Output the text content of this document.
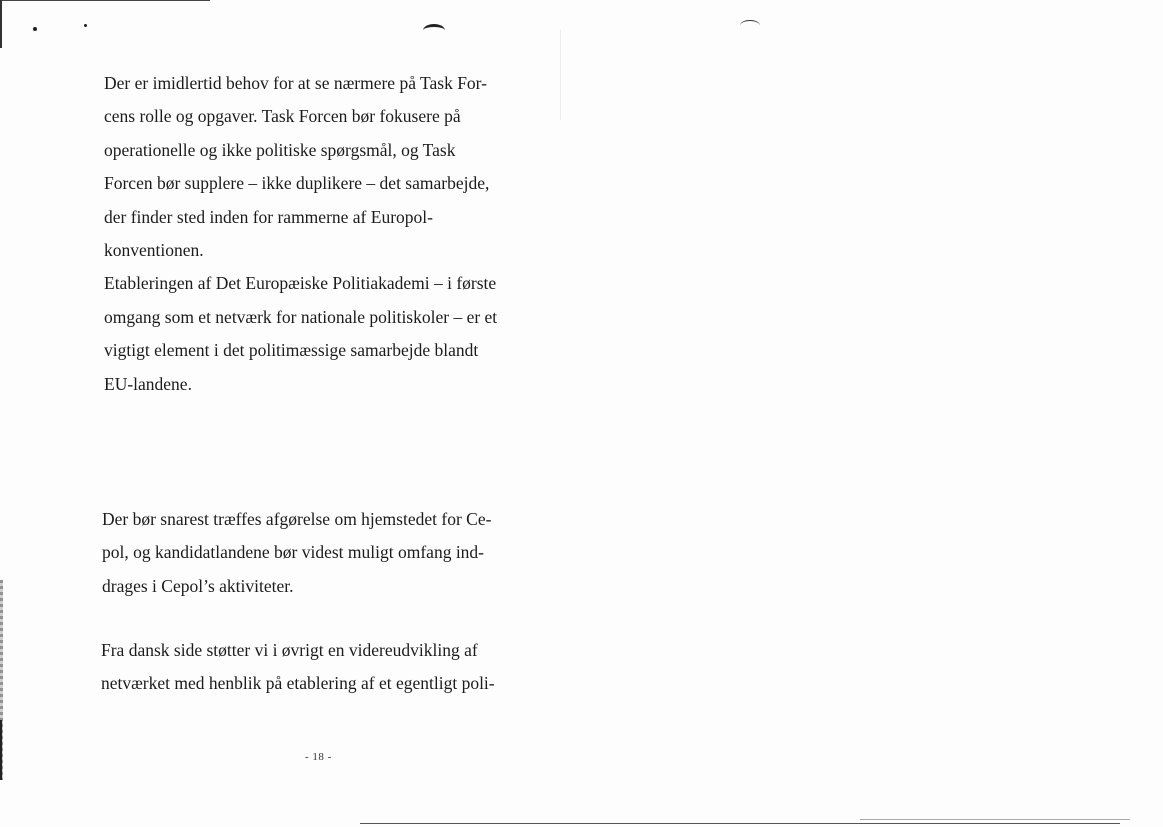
Der er imidlertid behov for at se nærmere på Task For-
cens rolle og opgaver. Task Forcen bør fokusere på
operationelle og ikke politiske spørgsmål, og Task
Forcen bør supplere – ikke duplikere – det samarbejde,
der finder sted inden for rammerne af Europol-
konventionen.
Etableringen af Det Europæiske Politiakademi – i første
omgang som et netværk for nationale politiskoler – er et
vigtigt element i det politimæssige samarbejde blandt
EU-landene.
Der bør snarest træffes afgørelse om hjemstedet for Ce-
pol, og kandidatlandene bør videst muligt omfang ind-
drages i Cepol’s aktiviteter.
Fra dansk side støtter vi i øvrigt en videreudvikling af
netværket med henblik på etablering af et egentligt poli-
- 18 -
